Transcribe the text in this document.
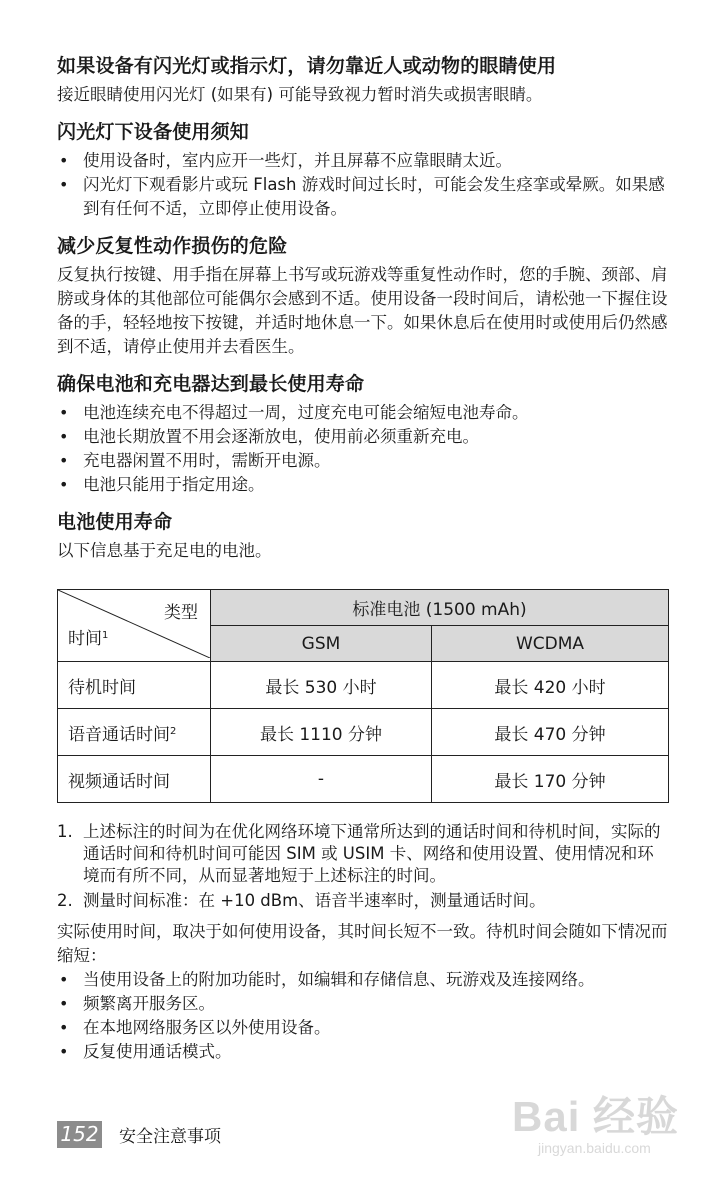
如果设备有闪光灯或指示灯，请勿靠近人或动物的眼睛使用

接近眼睛使用闪光灯 (如果有) 可能导致视力暂时消失或损害眼睛。

闪光灯下设备使用须知
• 使用设备时，室内应开一些灯，并且屏幕不应靠眼睛太近。
• 闪光灯下观看影片或玩 Flash 游戏时间过长时，可能会发生痉挛或晕厥。如果感到有任何不适，立即停止使用设备。
减少反复性动作损伤的危险

反复执行按键、用手指在屏幕上书写或玩游戏等重复性动作时，您的手腕、颈部、肩膀或身体的其他部位可能偶尔会感到不适。使用设备一段时间后，请松弛一下握住设备的手，轻轻地按下按键，并适时地休息一下。如果休息后在使用时或使用后仍然感到不适，请停止使用并去看医生。

确保电池和充电器达到最长使用寿命
• 电池连续充电不得超过一周，过度充电可能会缩短电池寿命。
• 电池长期放置不用会逐渐放电，使用前必须重新充电。
• 充电器闲置不用时，需断开电源。
• 电池只能用于指定用途。
电池使用寿命

以下信息基于充足电的电池。

类型
时间$^1$	标准电池 (1500 mAh)	
	GSM	WCDMA
待机时间	最长 530 小时	最长 420 小时
语音通话时间$^2$	最长 1110 分钟	最长 470 分钟
视频通话时间	-	最长 170 分钟
1. 上述标注的时间为在优化网络环境下通常所达到的通话时间和待机时间，实际的通话时间和待机时间可能因 SIM 或 USIM 卡、网络和使用设置、使用情况和环境而有所不同，从而显著地短于上述标注的时间。
2. 测量时间标准：在 +10 dBm、语音半速率时，测量通话时间。

实际使用时间，取决于如何使用设备，其时间长短不一致。待机时间会随如下情况而缩短：

• 当使用设备上的附加功能时，如编辑和存储信息、玩游戏及连接网络。
• 频繁离开服务区。
• 在本地网络服务区以外使用设备。
• 反复使用通话模式。
152 安全注意事项	Bai 经验
jingyan.baidu.com
